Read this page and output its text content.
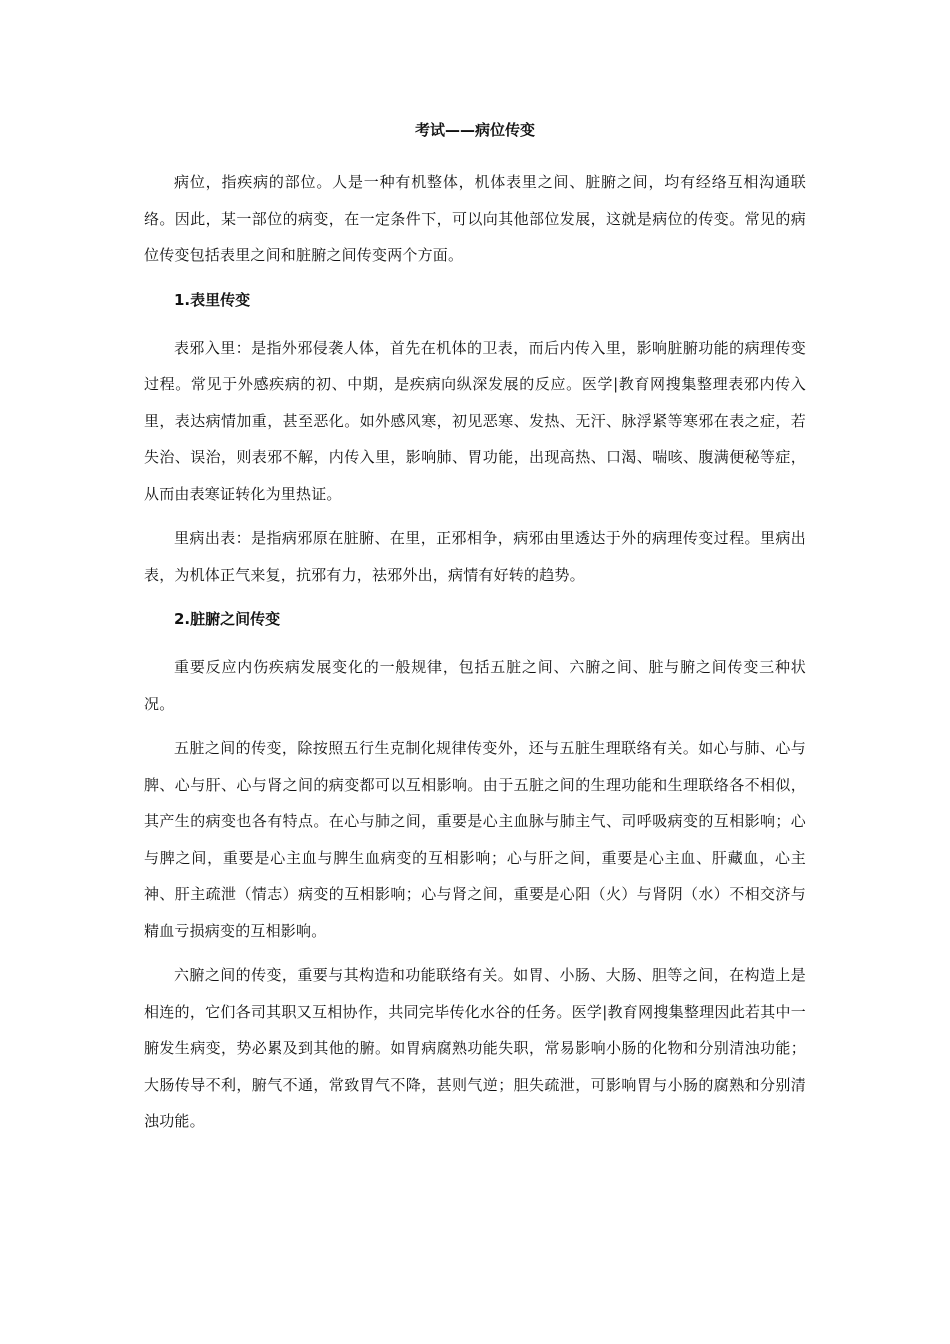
考试——病位传变

病位，指疾病的部位。人是一种有机整体，机体表里之间、脏腑之间，均有经络互相沟通联络。因此，某一部位的病变，在一定条件下，可以向其他部位发展，这就是病位的传变。常见的病位传变包括表里之间和脏腑之间传变两个方面。

1.表里传变

表邪入里：是指外邪侵袭人体，首先在机体的卫表，而后内传入里，影响脏腑功能的病理传变过程。常见于外感疾病的初、中期，是疾病向纵深发展的反应。医学|教育网搜集整理表邪内传入里，表达病情加重，甚至恶化。如外感风寒，初见恶寒、发热、无汗、脉浮紧等寒邪在表之症，若失治、误治，则表邪不解，内传入里，影响肺、胃功能，出现高热、口渴、喘咳、腹满便秘等症，从而由表寒证转化为里热证。

里病出表：是指病邪原在脏腑、在里，正邪相争，病邪由里透达于外的病理传变过程。里病出表，为机体正气来复，抗邪有力，祛邪外出，病情有好转的趋势。

2.脏腑之间传变

重要反应内伤疾病发展变化的一般规律，包括五脏之间、六腑之间、脏与腑之间传变三种状况。

五脏之间的传变，除按照五行生克制化规律传变外，还与五脏生理联络有关。如心与肺、心与脾、心与肝、心与肾之间的病变都可以互相影响。由于五脏之间的生理功能和生理联络各不相似，其产生的病变也各有特点。在心与肺之间，重要是心主血脉与肺主气、司呼吸病变的互相影响；心与脾之间，重要是心主血与脾生血病变的互相影响；心与肝之间，重要是心主血、肝藏血，心主神、肝主疏泄（情志）病变的互相影响；心与肾之间，重要是心阳（火）与肾阴（水）不相交济与精血亏损病变的互相影响。

六腑之间的传变，重要与其构造和功能联络有关。如胃、小肠、大肠、胆等之间，在构造上是相连的，它们各司其职又互相协作，共同完毕传化水谷的任务。医学|教育网搜集整理因此若其中一腑发生病变，势必累及到其他的腑。如胃病腐熟功能失职，常易影响小肠的化物和分别清浊功能；大肠传导不利，腑气不通，常致胃气不降，甚则气逆；胆失疏泄，可影响胃与小肠的腐熟和分别清浊功能。
